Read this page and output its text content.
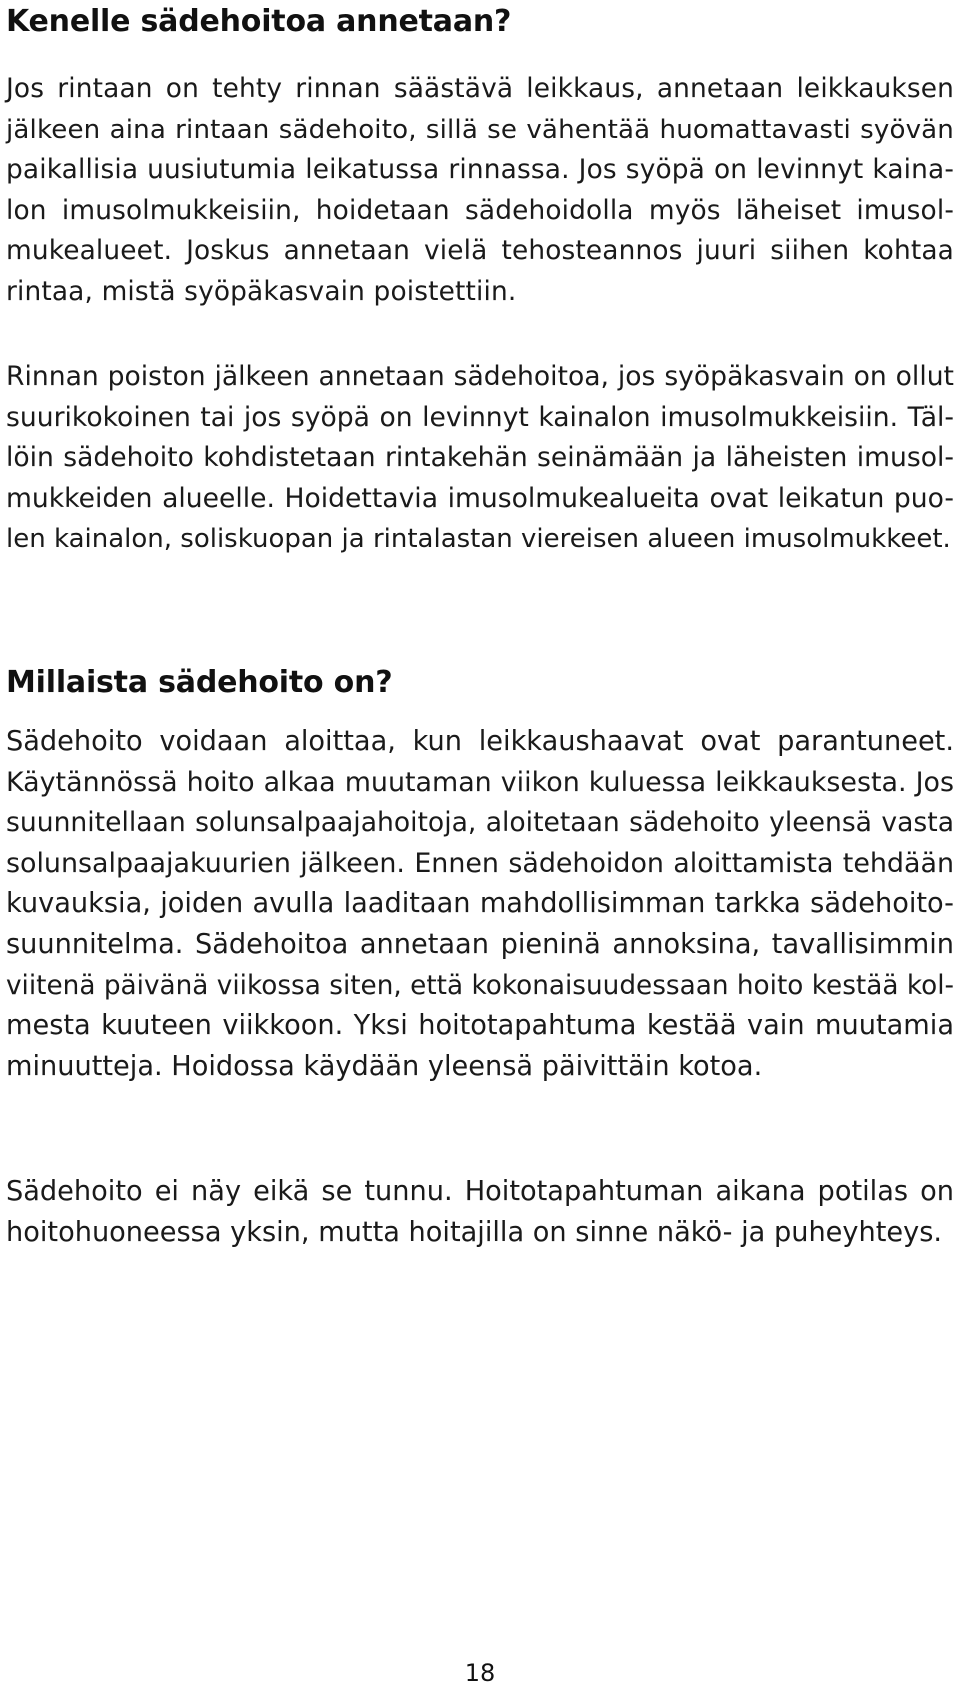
Kenelle sädehoitoa annetaan?
Jos rintaan on tehty rinnan säästävä leikkaus, annetaan leikkauksen
jälkeen aina rintaan sädehoito, sillä se vähentää huomattavasti syövän
paikallisia uusiutumia leikatussa rinnassa. Jos syöpä on levinnyt kaina-
lon imusolmukkeisiin, hoidetaan sädehoidolla myös läheiset imusol-
mukealueet. Joskus annetaan vielä tehosteannos juuri siihen kohtaa
rintaa, mistä syöpäkasvain poistettiin.
Rinnan poiston jälkeen annetaan sädehoitoa, jos syöpäkasvain on ollut
suurikokoinen tai jos syöpä on levinnyt kainalon imusolmukkeisiin. Täl-
löin sädehoito kohdistetaan rintakehän seinämään ja läheisten imusol-
mukkeiden alueelle. Hoidettavia imusolmukealueita ovat leikatun puo-
len kainalon, soliskuopan ja rintalastan viereisen alueen imusolmukkeet.
Millaista sädehoito on?
Sädehoito voidaan aloittaa, kun leikkaushaavat ovat parantuneet.
Käytännössä hoito alkaa muutaman viikon kuluessa leikkauksesta. Jos
suunnitellaan solunsalpaajahoitoja, aloitetaan sädehoito yleensä vasta
solunsalpaajakuurien jälkeen. Ennen sädehoidon aloittamista tehdään
kuvauksia, joiden avulla laaditaan mahdollisimman tarkka sädehoito-
suunnitelma. Sädehoitoa annetaan pieninä annoksina, tavallisimmin
viitenä päivänä viikossa siten, että kokonaisuudessaan hoito kestää kol-
mesta kuuteen viikkoon. Yksi hoitotapahtuma kestää vain muutamia
minuutteja. Hoidossa käydään yleensä päivittäin kotoa.
Sädehoito ei näy eikä se tunnu. Hoitotapahtuman aikana potilas on
hoitohuoneessa yksin, mutta hoitajilla on sinne näkö- ja puheyhteys.
18
